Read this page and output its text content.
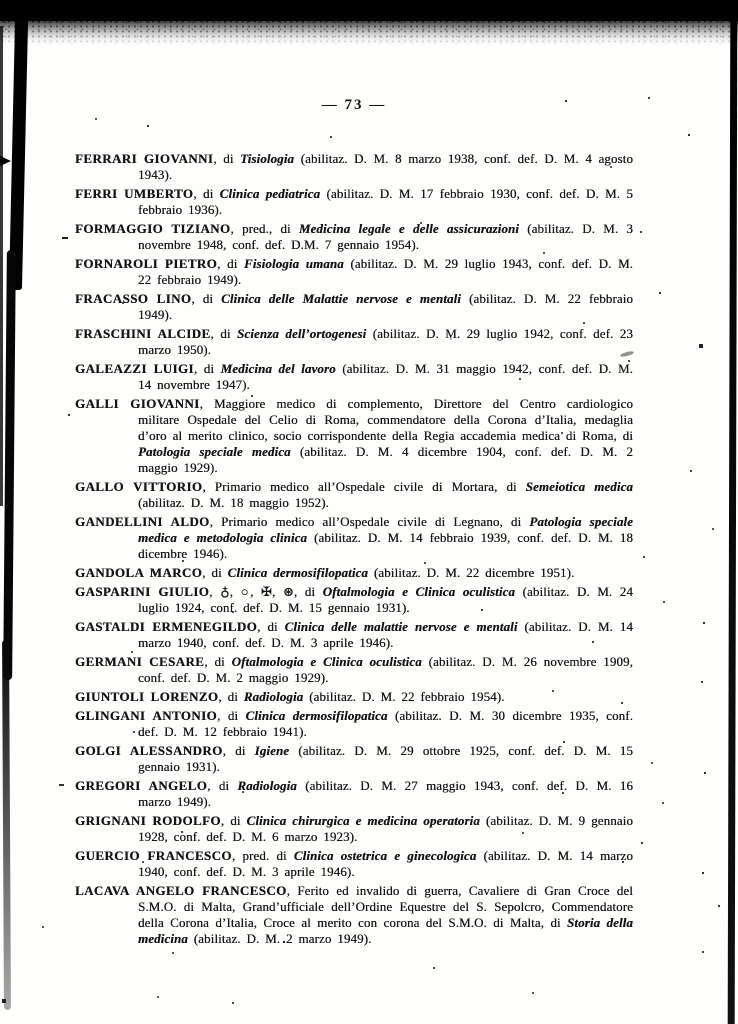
— 73 —

FERRARI GIOVANNI, di Tisiologia (abilitaz. D. M. 8 marzo 1938, conf. def. D. M. 4 agosto 1943).

FERRI UMBERTO, di Clinica pediatrica (abilitaz. D. M. 17 febbraio 1930, conf. def. D. M. 5 febbraio 1936).

FORMAGGIO TIZIANO, pred., di Medicina legale e delle assicurazioni (abilitaz. D. M. 3 novembre 1948, conf. def. D.M. 7 gennaio 1954).

FORNAROLI PIETRO, di Fisiologia umana (abilitaz. D. M. 29 luglio 1943, conf. def. D. M. 22 febbraio 1949).

FRACASSO LINO, di Clinica delle Malattie nervose e mentali (abilitaz. D. M. 22 febbraio 1949).

FRASCHINI ALCIDE, di Scienza dell’ortogenesi (abilitaz. D. M. 29 luglio 1942, conf. def. 23 marzo 1950).

GALEAZZI LUIGI, di Medicina del lavoro (abilitaz. D. M. 31 maggio 1942, conf. def. D. M. 14 novembre 1947).

GALLI GIOVANNI, Maggiore medico di complemento, Direttore del Centro cardiologico militare Ospedale del Celio di Roma, commendatore della Corona d’Italia, medaglia d’oro al merito clinico, socio corrispondente della Regia accademia medica di Roma, di Patologia speciale medica (abilitaz. D. M. 4 dicembre 1904, conf. def. D. M. 2 maggio 1929).

GALLO VITTORIO, Primario medico all’Ospedale civile di Mortara, di Semeiotica medica (abilitaz. D. M. 18 maggio 1952).

GANDELLINI ALDO, Primario medico all’Ospedale civile di Legnano, di Patologia speciale medica e metodologia clinica (abilitaz. D. M. 14 febbraio 1939, conf. def. D. M. 18 dicembre 1946).

GANDOLA MARCO, di Clinica dermosifilopatica (abilitaz. D. M. 22 dicembre 1951).

GASPARINI GIULIO, ♁, ○, ✠, ⊛, di Oftalmologia e Clinica oculistica (abilitaz. D. M. 24 luglio 1924, conf. def. D. M. 15 gennaio 1931).

GASTALDI ERMENEGILDO, di Clinica delle malattie nervose e mentali (abilitaz. D. M. 14 marzo 1940, conf. def. D. M. 3 aprile 1946).

GERMANI CESARE, di Oftalmologia e Clinica oculistica (abilitaz. D. M. 26 novembre 1909, conf. def. D. M. 2 maggio 1929).

GIUNTOLI LORENZO, di Radiologia (abilitaz. D. M. 22 febbraio 1954).

GLINGANI ANTONIO, di Clinica dermosifilopatica (abilitaz. D. M. 30 dicembre 1935, conf. def. D. M. 12 febbraio 1941).

GOLGI ALESSANDRO, di Igiene (abilitaz. D. M. 29 ottobre 1925, conf. def. D. M. 15 gennaio 1931).

GREGORI ANGELO, di Radiologia (abilitaz. D. M. 27 maggio 1943, conf. def. D. M. 16 marzo 1949).

GRIGNANI RODOLFO, di Clinica chirurgica e medicina operatoria (abilitaz. D. M. 9 gennaio 1928, conf. def. D. M. 6 marzo 1923).

GUERCIO FRANCESCO, pred. di Clinica ostetrica e ginecologica (abilitaz. D. M. 14 marzo 1940, conf. def. D. M. 3 aprile 1946).

LACAVA ANGELO FRANCESCO, Ferito ed invalido di guerra, Cavaliere di Gran Croce del S.M.O. di Malta, Grand’ufficiale dell’Ordine Equestre del S. Sepolcro, Commendatore della Corona d’Italia, Croce al merito con corona del S.M.O. di Malta, di Storia della medicina (abilitaz. D. M. 2 marzo 1949).
